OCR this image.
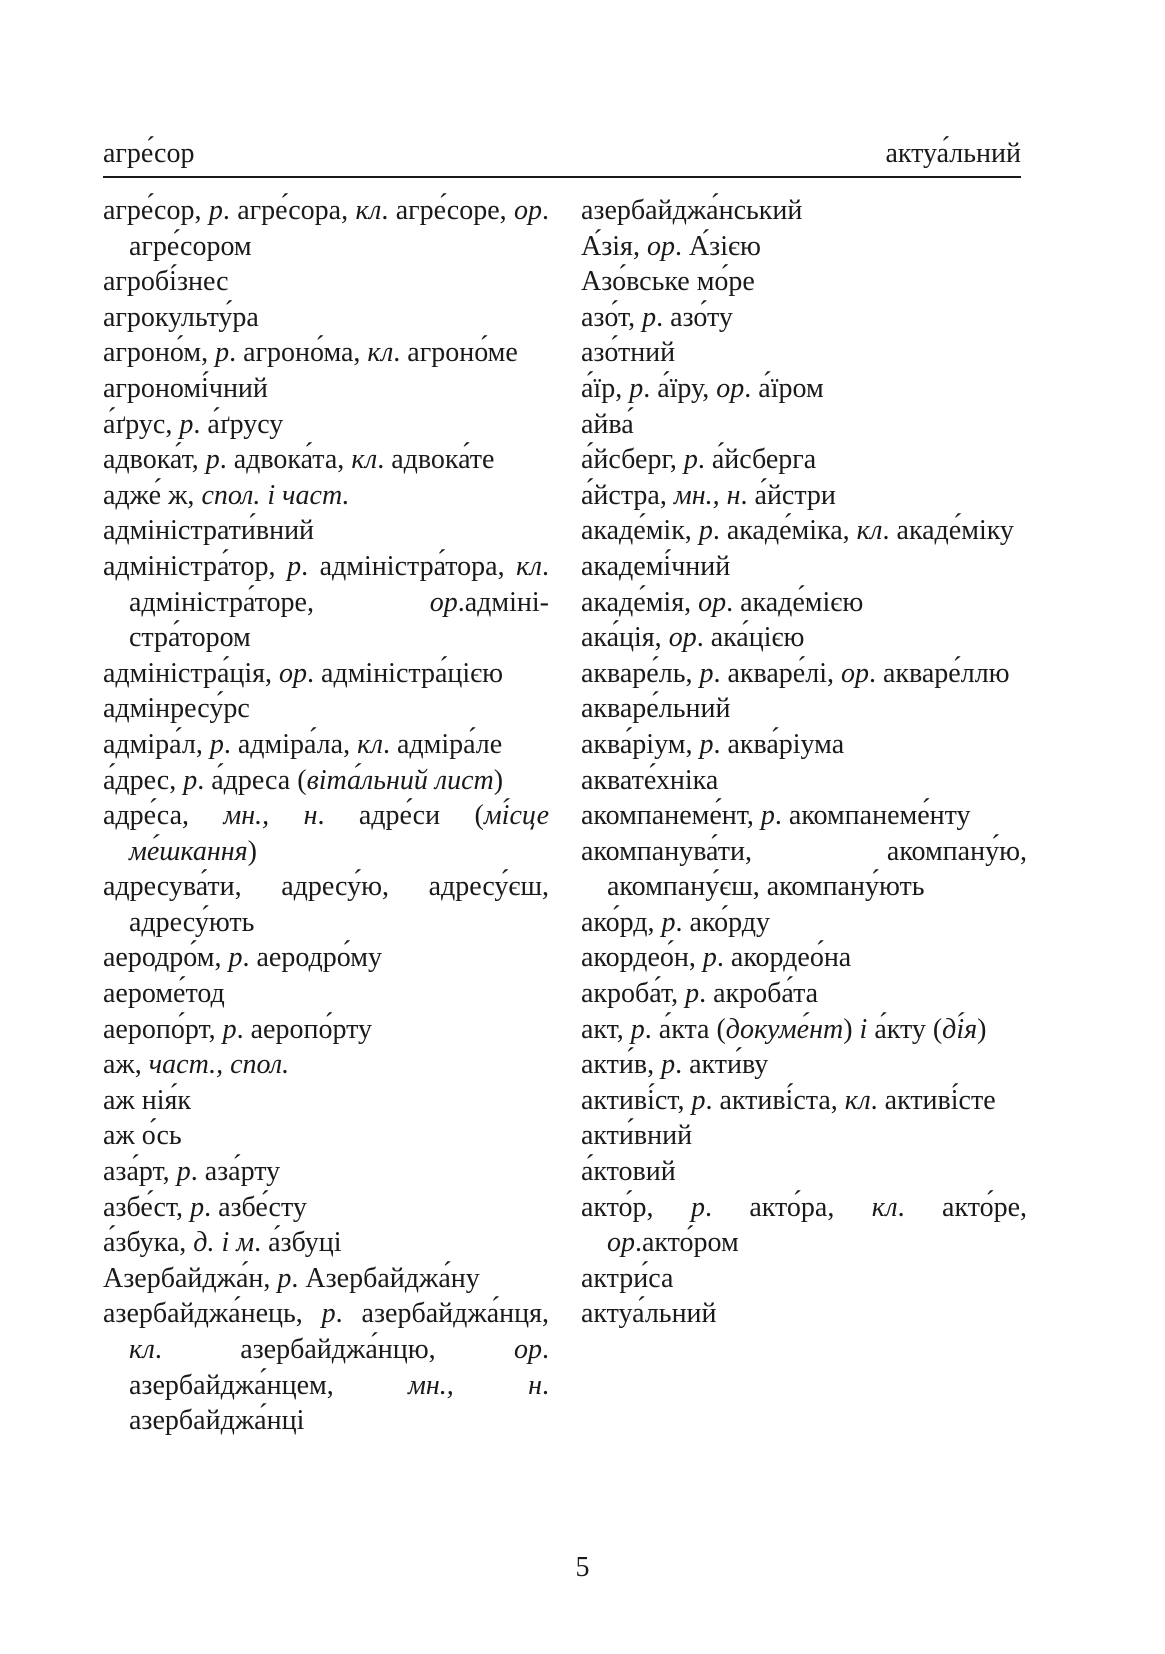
агре́сор	актуа́льний
агре́сор, р. агре́сора, кл. агре́соре, ор. агре́сором
агробі́знес
агрокульту́ра
агроно́м, р. агроно́ма, кл. агроно́ме
агрономі́чний
а́ґрус, р. а́ґрусу
адвока́т, р. адвока́та, кл. адвока́те
адже́ ж, спол. і част.
адміністрати́вний
адміністра́тор, р. адміністра́тора, кл. адміністра́торе, ор.адміністра́тором
адміністра́ція, ор. адміністра́цією
адмінресу́рс
адміра́л, р. адміра́ла, кл. адміра́ле
а́дрес, р. а́дреса (віта́льний лист)
адре́са, мн., н. адре́си (мі́сце ме́шкання)
адресува́ти, адресу́ю, адресу́єш, адресу́ють
аеродро́м, р. аеродро́му
аероме́тод
аеропо́рт, р. аеропо́рту
аж, част., спол.
аж нія́к
аж о́сь
аза́рт, р. аза́рту
азбе́ст, р. азбе́сту
а́збука, д. і м. а́збуці
Азербайджа́н, р. Азербайджа́ну
азербайджа́нець, р. азербайджа́нця, кл. азербайджа́нцю, ор. азербайджа́нцем, мн., н. азербайджа́нці
азербайджа́нський
А́зія, ор. А́зією
Азо́вське мо́ре
азо́т, р. азо́ту
азо́тний
а́їр, р. а́їру, ор. а́їром
айва́
а́йсберг, р. а́йсберга
а́йстра, мн., н. а́йстри
акаде́мік, р. акаде́міка, кл. акаде́міку
академі́чний
акаде́мія, ор. акаде́мією
ака́ція, ор. ака́цією
акваре́ль, р. акваре́лі, ор. акваре́ллю
акваре́льний
аква́ріум, р. аква́ріума
аквате́хніка
акомпанеме́нт, р. акомпанеме́нту
акомпанува́ти, акомпану́ю, акомпану́єш, акомпану́ють
ако́рд, р. ако́рду
акордео́н, р. акордео́на
акроба́т, р. акроба́та
акт, р. а́кта (докуме́нт) і а́кту (ді́я)
акти́в, р. акти́ву
активі́ст, р. активі́ста, кл. активі́сте
акти́вний
а́ктовий
акто́р, р. акто́ра, кл. акто́ре, ор.акто́ром
актри́са
актуа́льний
5
